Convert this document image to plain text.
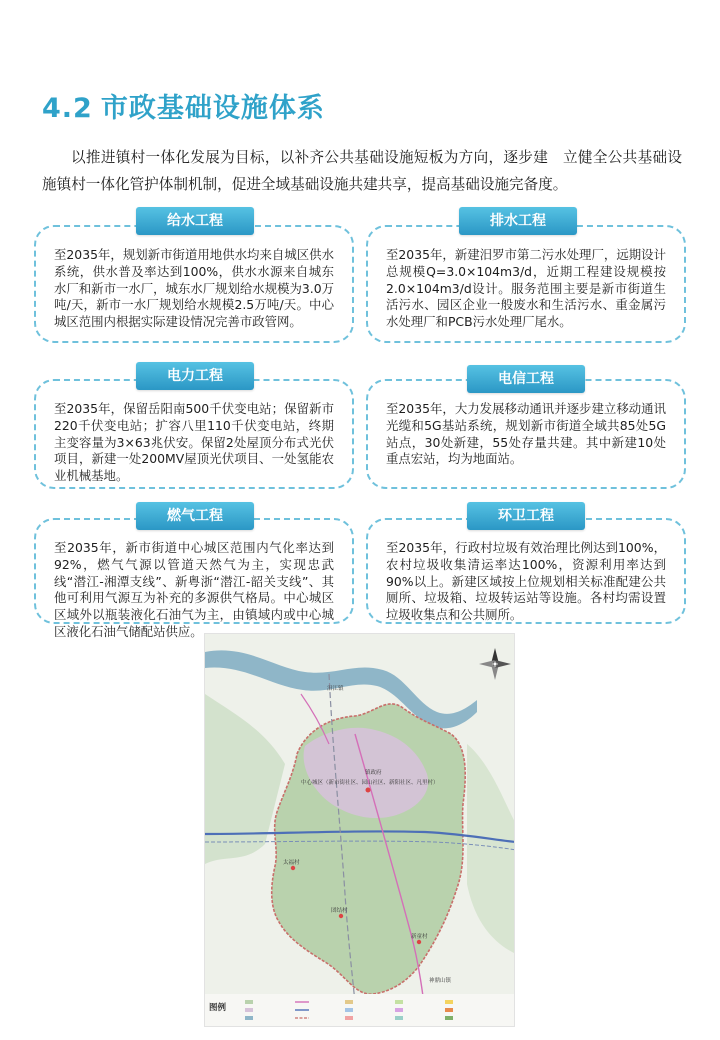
4.2 市政基础设施体系

以推进镇村一体化发展为目标，以补齐公共基础设施短板为方向，逐步建　立健全公共基础设施镇村一体化管护体制机制，促进全域基础设施共建共享，提高基础设施完备度。

至2035年，规划新市街道用地供水均来自城区供水系统，供水普及率达到100%，供水水源来自城东水厂和新市一水厂，城东水厂规划给水规模为3.0万吨/天，新市一水厂规划给水规模2.5万吨/天。中心城区范围内根据实际建设情况完善市政管网。
给水工程
至2035年，保留岳阳南500千伏变电站；保留新市220千伏变电站；扩容八里110千伏变电站，终期主变容量为3×63兆伏安。保留2处屋顶分布式光伏项目，新建一处200MV屋顶光伏项目、一处氢能农业机械基地。
电力工程
至2035年，新市街道中心城区范围内气化率达到92%，燃气气源以管道天然气为主，实现忠武线“潜江-湘潭支线”、新粤浙“潜江-韶关支线”、其他可利用气源互为补充的多源供气格局。中心城区区域外以瓶装液化石油气为主，由镇域内或中心城区液化石油气储配站供应。
燃气工程
至2035年，新建汨罗市第二污水处理厂，远期设计总规模Q=3.0×104m3/d，近期工程建设规模按2.0×104m3/d设计。服务范围主要是新市街道生活污水、园区企业一般废水和生活污水、重金属污水处理厂和PCB污水处理厂尾水。
排水工程
至2035年，大力发展移动通讯并逐步建立移动通讯光缆和5G基站系统，规划新市街道全域共85处5G站点，30处新建，55处存量共建。其中新建10处重点宏站，均为地面站。
电信工程
至2035年，行政村垃圾有效治理比例达到100%，农村垃圾收集清运率达100%，资源利用率达到90%以上。新建区域按上位规划相关标准配建公共厕所、垃圾箱、垃圾转运站等设施。各村均需设置垃圾收集点和公共厕所。
环卫工程
汨江镇
镇政府
中心城区（新市街社区、园山社区、新阳社区、凡里村）
太福村
团结村
新童村
神鼎山镇
图例
